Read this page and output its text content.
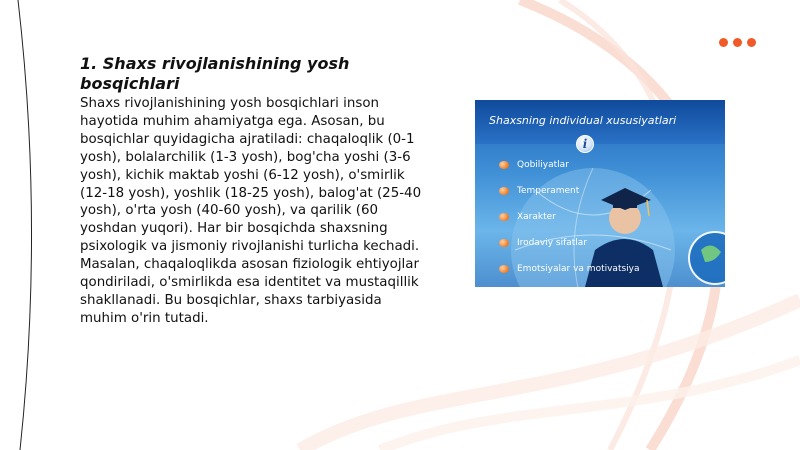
1. Shaxs rivojlanishining yosh bosqichlari

Shaxs rivojlanishining yosh bosqichlari inson hayotida muhim ahamiyatga ega. Asosan, bu bosqichlar quyidagicha ajratiladi: chaqaloqlik (0-1 yosh), bolalarchilik (1-3 yosh), bog'cha yoshi (3-6 yosh), kichik maktab yoshi (6-12 yosh), o'smirlik (12-18 yosh), yoshlik (18-25 yosh), balog'at (25-40 yosh), o'rta yosh (40-60 yosh), va qarilik (60 yoshdan yuqori). Har bir bosqichda shaxsning psixologik va jismoniy rivojlanishi turlicha kechadi. Masalan, chaqaloqlikda asosan fiziologik ehtiyojlar qondiriladi, o'smirlikda esa identitet va mustaqillik shakllanadi. Bu bosqichlar, shaxs tarbiyasida muhim o'rin tutadi.

Shaxsning individual xususiyatlari

i
Qobiliyatlar
Temperament
Xarakter
Irodaviy sifatlar
Emotsiyalar va motivatsiya
